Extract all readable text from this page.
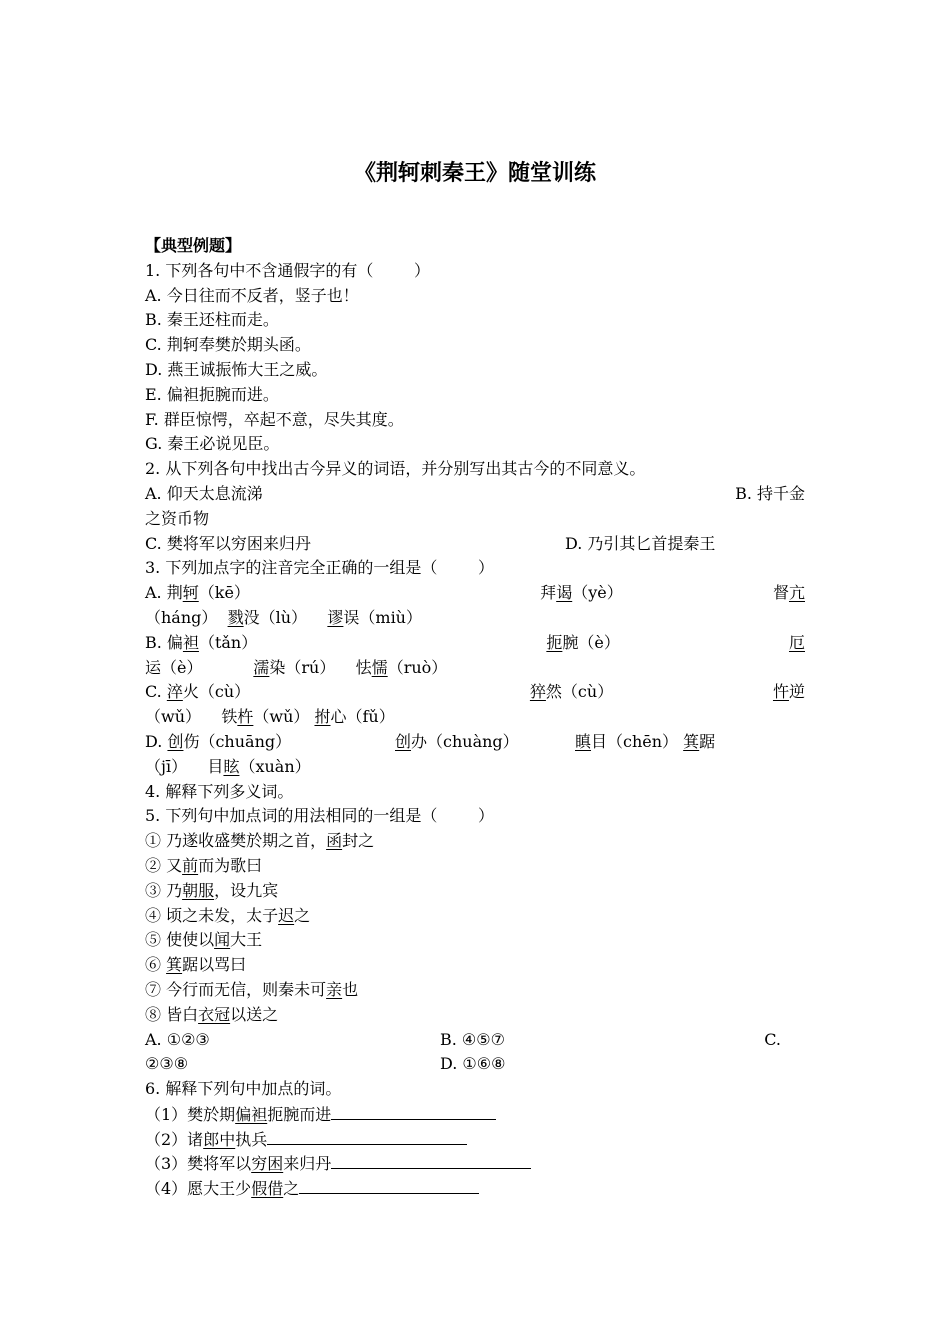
《荆轲刺秦王》随堂训练
【典型例题】
1. 下列各句中不含通假字的有（        ）
A. 今日往而不反者，竖子也！
B. 秦王还柱而走。
C. 荆轲奉樊於期头函。
D. 燕王诚振怖大王之威。
E. 偏袒扼腕而进。
F. 群臣惊愕，卒起不意，尽失其度。
G. 秦王必说见臣。
2. 从下列各句中找出古今异义的词语，并分别写出其古今的不同意义。
A. 仰天太息流涕	B. 持千金
之资币物
C. 樊将军以穷困来归丹	D. 乃引其匕首提秦王
3. 下列加点字的注音完全正确的一组是（        ）
A. 荆轲（kē）	拜谒（yè）	督亢
（háng）  戮没（lù）    谬误（miù）
B. 偏袒（tǎn）	扼腕（è）	厄
运（è）          濡染（rú）    怯懦（ruò）
C. 淬火（cù）	猝然（cù）	忤逆
（wǔ）    铁杵（wǔ） 拊心（fǔ）
D. 创伤（chuāng）	创办（chuàng）	瞋目（chēn） 箕踞
（jī）    目眩（xuàn）
4. 解释下列多义词。
5. 下列句中加点词的用法相同的一组是（        ）
① 乃遂收盛樊於期之首，函封之
② 又前而为歌曰
③ 乃朝服，设九宾
④ 顷之未发，太子迟之
⑤ 使使以闻大王
⑥ 箕踞以骂曰
⑦ 今行而无信，则秦未可亲也
⑧ 皆白衣冠以送之
A. ①②③	B. ④⑤⑦	C.
②③⑧	D. ①⑥⑧
6. 解释下列句中加点的词。
（1）樊於期偏袒扼腕而进
（2）诸郎中执兵
（3）樊将军以穷困来归丹
（4）愿大王少假借之
